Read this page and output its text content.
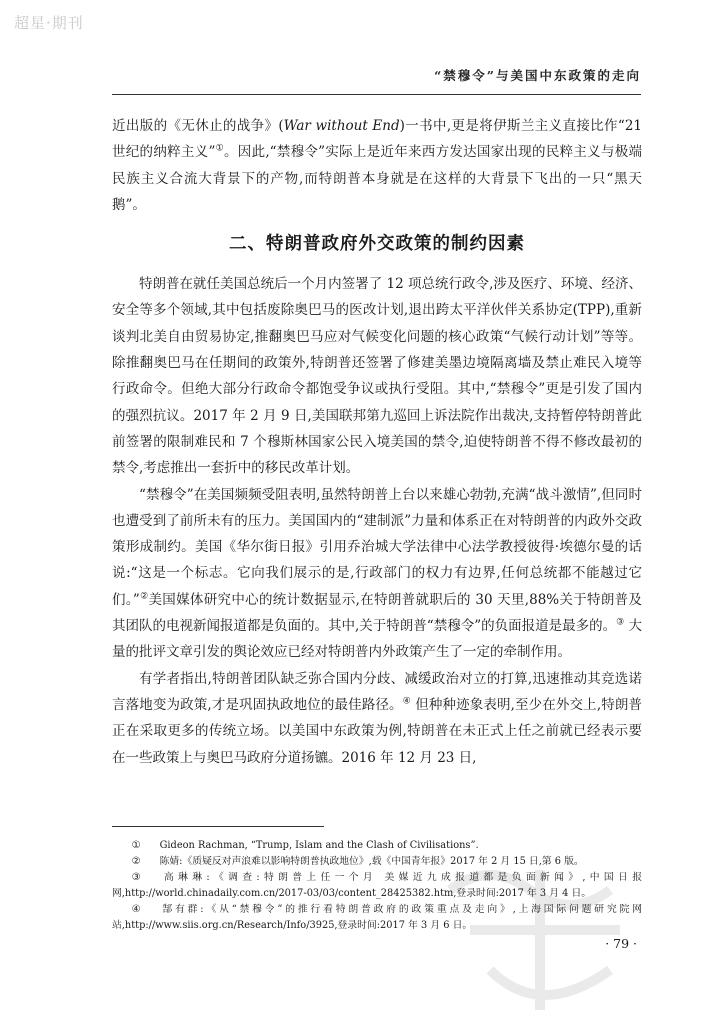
超星·期刊
“禁穆令”与美国中东政策的走向

近出版的《无休止的战争》(War without End)一书中,更是将伊斯兰主义直接比作“21 世纪的纳粹主义”①。因此,“禁穆令”实际上是近年来西方发达国家出现的民粹主义与极端民族主义合流大背景下的产物,而特朗普本身就是在这样的大背景下飞出的一只“黑天鹅”。

二、特朗普政府外交政策的制约因素

特朗普在就任美国总统后一个月内签署了 12 项总统行政令,涉及医疗、环境、经济、安全等多个领域,其中包括废除奥巴马的医改计划,退出跨太平洋伙伴关系协定(TPP),重新谈判北美自由贸易协定,推翻奥巴马应对气候变化问题的核心政策“气候行动计划”等等。除推翻奥巴马在任期间的政策外,特朗普还签署了修建美墨边境隔离墙及禁止难民入境等行政命令。但绝大部分行政命令都饱受争议或执行受阻。其中,“禁穆令”更是引发了国内的强烈抗议。2017 年 2 月 9 日,美国联邦第九巡回上诉法院作出裁决,支持暂停特朗普此前签署的限制难民和 7 个穆斯林国家公民入境美国的禁令,迫使特朗普不得不修改最初的禁令,考虑推出一套折中的移民改革计划。

“禁穆令”在美国频频受阻表明,虽然特朗普上台以来雄心勃勃,充满“战斗激情”,但同时也遭受到了前所未有的压力。美国国内的“建制派”力量和体系正在对特朗普的内政外交政策形成制约。美国《华尔街日报》引用乔治城大学法律中心法学教授彼得·埃德尔曼的话说:“这是一个标志。它向我们展示的是,行政部门的权力有边界,任何总统都不能越过它们。”②美国媒体研究中心的统计数据显示,在特朗普就职后的 30 天里,88%关于特朗普及其团队的电视新闻报道都是负面的。其中,关于特朗普“禁穆令”的负面报道是最多的。③ 大量的批评文章引发的舆论效应已经对特朗普内外政策产生了一定的牵制作用。

有学者指出,特朗普团队缺乏弥合国内分歧、减缓政治对立的打算,迅速推动其竞选诺言落地变为政策,才是巩固执政地位的最佳路径。④ 但种种迹象表明,至少在外交上,特朗普正在采取更多的传统立场。以美国中东政策为例,特朗普在未正式上任之前就已经表示要在一些政策上与奥巴马政府分道扬镳。2016 年 12 月 23 日,

① Gideon Rachman, “Trump, Islam and the Clash of Civilisations”.
② 陈婧:《质疑反对声浪难以影响特朗普执政地位》,载《中国青年报》2017 年 2 月 15 日,第 6 版。
③ 高琳琳:《调查:特朗普上任一个月 美媒近九成报道都是负面新闻》,中国日报网,http://world.chinadaily.com.cn/2017-03/03/content_28425382.htm,登录时间:2017 年 3 月 4 日。
④ 郜有群:《从“禁穆令”的推行看特朗普政府的政策重点及走向》,上海国际问题研究院网站,http://www.siis.org.cn/Research/Info/3925,登录时间:2017 年 3 月 6 日。
· 79 ·
